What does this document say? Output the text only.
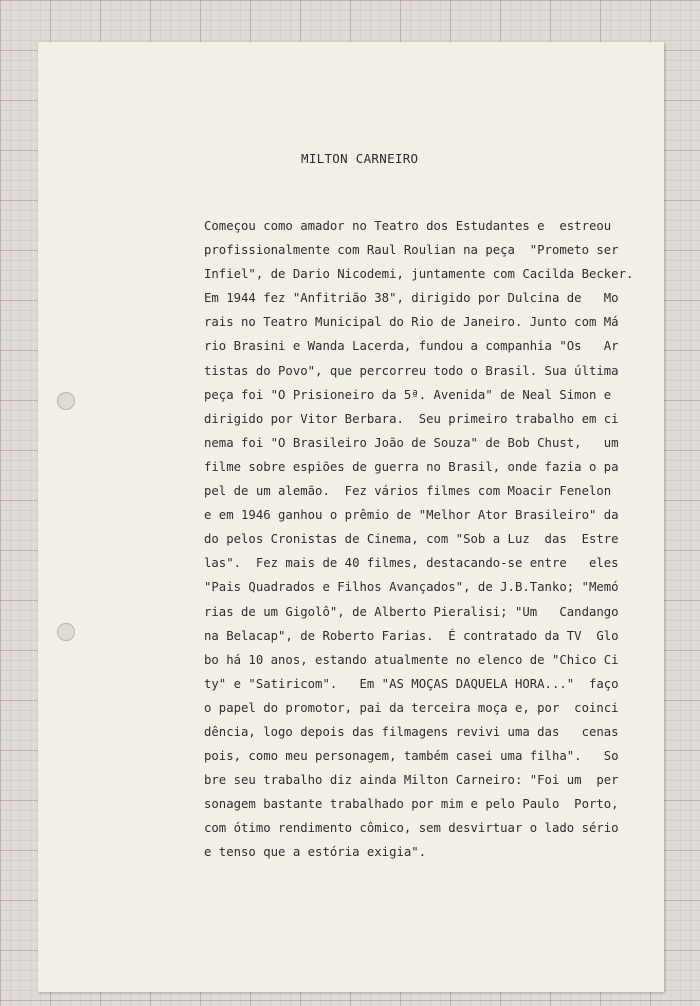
MILTON CARNEIRO
Começou como amador no Teatro dos Estudantes e  estreou
profissionalmente com Raul Roulian na peça  "Prometo ser
Infiel", de Dario Nicodemi, juntamente com Cacilda Becker.
Em 1944 fez "Anfitrião 38", dirigido por Dulcina de   Mo
rais no Teatro Municipal do Rio de Janeiro. Junto com Má
rio Brasini e Wanda Lacerda, fundou a companhia "Os   Ar
tistas do Povo", que percorreu todo o Brasil. Sua última
peça foi "O Prisioneiro da 5ª. Avenida" de Neal Simon e
dirigido por Vitor Berbara.  Seu primeiro trabalho em ci
nema foi "O Brasileiro João de Souza" de Bob Chust,   um
filme sobre espiões de guerra no Brasil, onde fazia o pa
pel de um alemão.  Fez vários filmes com Moacir Fenelon
e em 1946 ganhou o prêmio de "Melhor Ator Brasileiro" da
do pelos Cronistas de Cinema, com "Sob a Luz  das  Estre
las".  Fez mais de 40 filmes, destacando-se entre   eles
"Pais Quadrados e Filhos Avançados", de J.B.Tanko; "Memó
rias de um Gigolô", de Alberto Pieralisi; "Um   Candango
na Belacap", de Roberto Farias.  É contratado da TV  Glo
bo há 10 anos, estando atualmente no elenco de "Chico Ci
ty" e "Satiricom".   Em "AS MOÇAS DAQUELA HORA..."  faço
o papel do promotor, pai da terceira moça e, por  coinci
dência, logo depois das filmagens revivi uma das   cenas
pois, como meu personagem, também casei uma filha".   So
bre seu trabalho diz ainda Milton Carneiro: "Foi um  per
sonagem bastante trabalhado por mim e pelo Paulo  Porto,
com ótimo rendimento cômico, sem desvirtuar o lado sério
e tenso que a estória exigia".
